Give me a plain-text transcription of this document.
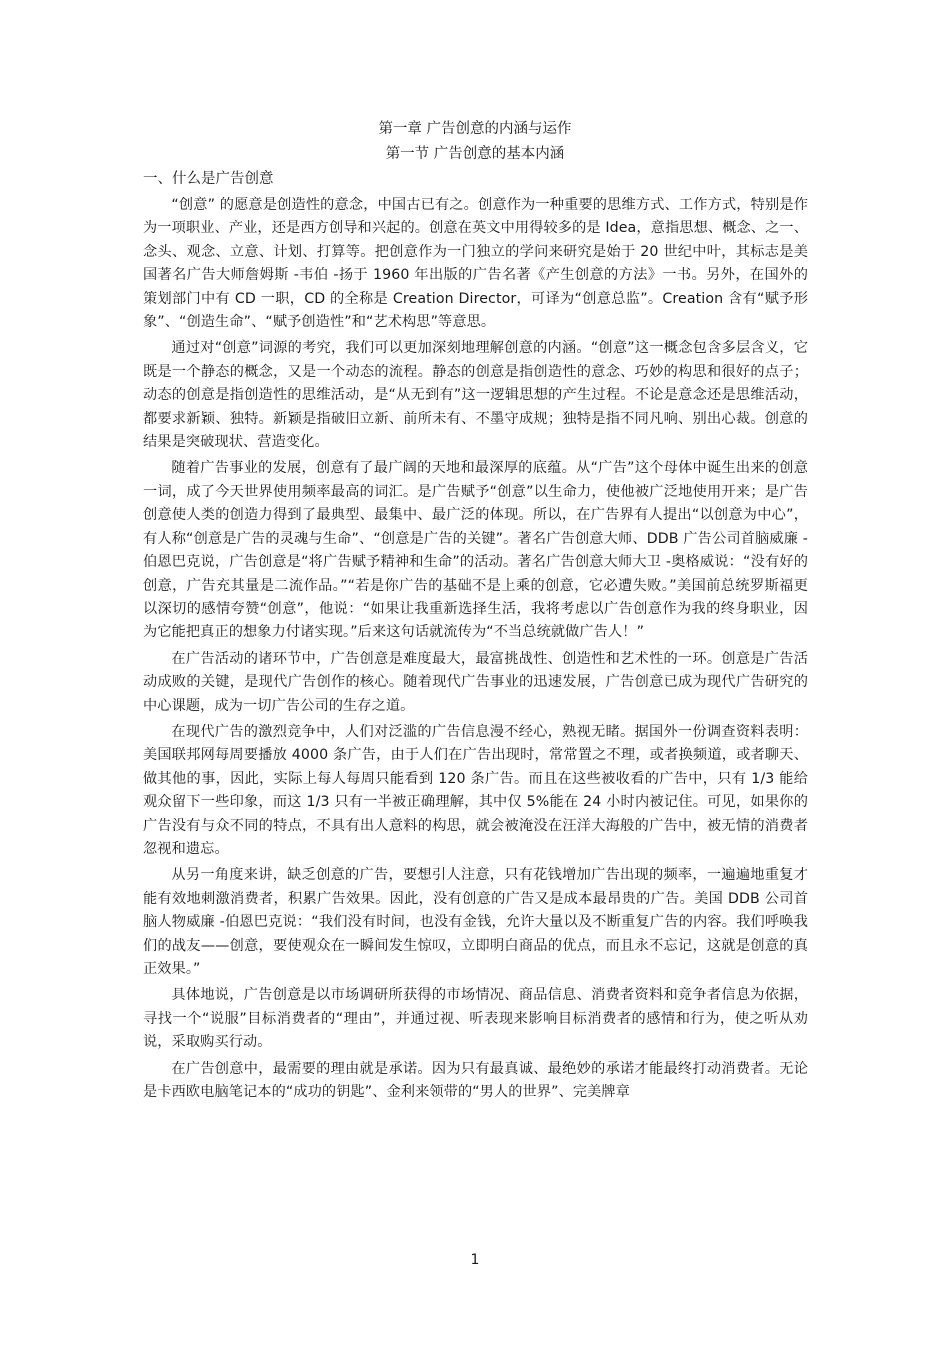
第一章 广告创意的内涵与运作
第一节 广告创意的基本内涵
一、什么是广告创意

“创意” 的愿意是创造性的意念，中国古已有之。创意作为一种重要的思维方式、工作方式，特别是作为一项职业、产业，还是西方创导和兴起的。创意在英文中用得较多的是 Idea，意指思想、概念、之一、念头、观念、立意、计划、打算等。把创意作为一门独立的学问来研究是始于 20 世纪中叶，其标志是美国著名广告大师詹姆斯 -韦伯 -扬于 1960 年出版的广告名著《产生创意的方法》一书。另外，在国外的策划部门中有 CD 一职，CD 的全称是 Creation Director，可译为“创意总监”。Creation 含有“赋予形象”、“创造生命”、“赋予创造性”和“艺术构思”等意思。

通过对“创意”词源的考究，我们可以更加深刻地理解创意的内涵。“创意”这一概念包含多层含义，它既是一个静态的概念，又是一个动态的流程。静态的创意是指创造性的意念、巧妙的构思和很好的点子；动态的创意是指创造性的思维活动，是“从无到有”这一逻辑思想的产生过程。不论是意念还是思维活动，都要求新颖、独特。新颖是指破旧立新、前所未有、不墨守成规；独特是指不同凡响、别出心裁。创意的结果是突破现状、营造变化。

随着广告事业的发展，创意有了最广阔的天地和最深厚的底蕴。从“广告”这个母体中诞生出来的创意一词，成了今天世界使用频率最高的词汇。是广告赋予“创意”以生命力，使他被广泛地使用开来；是广告创意使人类的创造力得到了最典型、最集中、最广泛的体现。所以，在广告界有人提出“以创意为中心”，有人称“创意是广告的灵魂与生命”、“创意是广告的关键”。著名广告创意大师、DDB 广告公司首脑威廉 -伯恩巴克说，广告创意是“将广告赋予精神和生命”的活动。著名广告创意大师大卫 -奥格威说：“没有好的创意，广告充其量是二流作品。”“若是你广告的基础不是上乘的创意，它必遭失败。”美国前总统罗斯福更以深切的感情夸赞“创意”，他说：“如果让我重新选择生活，我将考虑以广告创意作为我的终身职业，因为它能把真正的想象力付诸实现。”后来这句话就流传为“不当总统就做广告人！”

在广告活动的诸环节中，广告创意是难度最大，最富挑战性、创造性和艺术性的一环。创意是广告活动成败的关键，是现代广告创作的核心。随着现代广告事业的迅速发展，广告创意已成为现代广告研究的中心课题，成为一切广告公司的生存之道。

在现代广告的激烈竞争中，人们对泛滥的广告信息漫不经心，熟视无睹。据国外一份调查资料表明：美国联邦网每周要播放 4000 条广告，由于人们在广告出现时，常常置之不理，或者换频道，或者聊天、做其他的事，因此，实际上每人每周只能看到 120 条广告。而且在这些被收看的广告中，只有 1/3 能给观众留下一些印象，而这 1/3 只有一半被正确理解，其中仅 5%能在 24 小时内被记住。可见，如果你的广告没有与众不同的特点，不具有出人意料的构思，就会被淹没在汪洋大海般的广告中，被无情的消费者忽视和遗忘。

从另一角度来讲，缺乏创意的广告，要想引人注意，只有花钱增加广告出现的频率，一遍遍地重复才能有效地刺激消费者，积累广告效果。因此，没有创意的广告又是成本最昂贵的广告。美国 DDB 公司首脑人物威廉 -伯恩巴克说：“我们没有时间，也没有金钱，允许大量以及不断重复广告的内容。我们呼唤我们的战友——创意，要使观众在一瞬间发生惊叹，立即明白商品的优点，而且永不忘记，这就是创意的真正效果。”

具体地说，广告创意是以市场调研所获得的市场情况、商品信息、消费者资料和竞争者信息为依据，寻找一个“说服”目标消费者的“理由”，并通过视、听表现来影响目标消费者的感情和行为，使之听从劝说，采取购买行动。

在广告创意中，最需要的理由就是承诺。因为只有最真诚、最绝妙的承诺才能最终打动消费者。无论是卡西欧电脑笔记本的“成功的钥匙”、金利来领带的“男人的世界”、完美牌章

1
